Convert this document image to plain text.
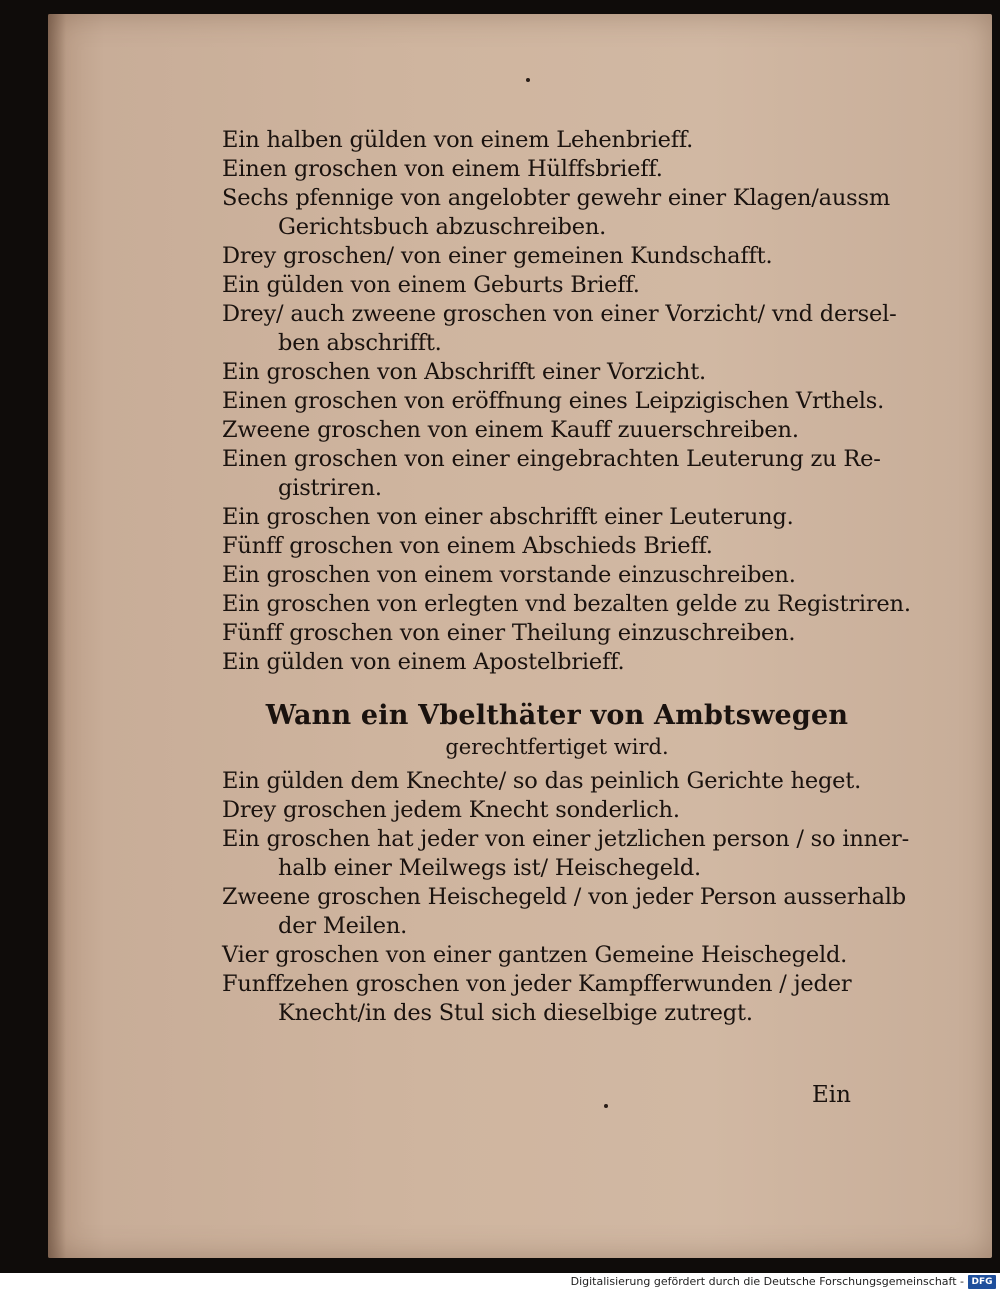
Ein halben gülden von einem Lehenbrieff.
Einen groschen von einem Hülffsbrieff.
Sechs pfennige von angelobter gewehr einer Klagen/aussm
Gerichtsbuch abzuschreiben.
Drey groschen/ von einer gemeinen Kundschafft.
Ein gülden von einem Geburts Brieff.
Drey/ auch zweene groschen von einer Vorzicht/ vnd dersel-
ben abschrifft.
Ein groschen von Abschrifft einer Vorzicht.
Einen groschen von eröffnung eines Leipzigischen Vrthels.
Zweene groschen von einem Kauff zuuerschreiben.
Einen groschen von einer eingebrachten Leuterung zu Re-
gistriren.
Ein groschen von einer abschrifft einer Leuterung.
Fünff groschen von einem Abschieds Brieff.
Ein groschen von einem vorstande einzuschreiben.
Ein groschen von erlegten vnd bezalten gelde zu Registriren.
Fünff groschen von einer Theilung einzuschreiben.
Ein gülden von einem Apostelbrieff.
Wann ein Vbelthäter von Ambtswegen
gerechtfertiget wird.
Ein gülden dem Knechte/ so das peinlich Gerichte heget.
Drey groschen jedem Knecht sonderlich.
Ein groschen hat jeder von einer jetzlichen person / so inner-
halb einer Meilwegs ist/ Heischegeld.
Zweene groschen Heischegeld / von jeder Person ausserhalb
der Meilen.
Vier groschen von einer gantzen Gemeine Heischegeld.
Funffzehen groschen von jeder Kampfferwunden / jeder
Knecht/in des Stul sich dieselbige zutregt.
Ein
Digitalisierung gefördert durch die Deutsche Forschungsgemeinschaft - DFG
